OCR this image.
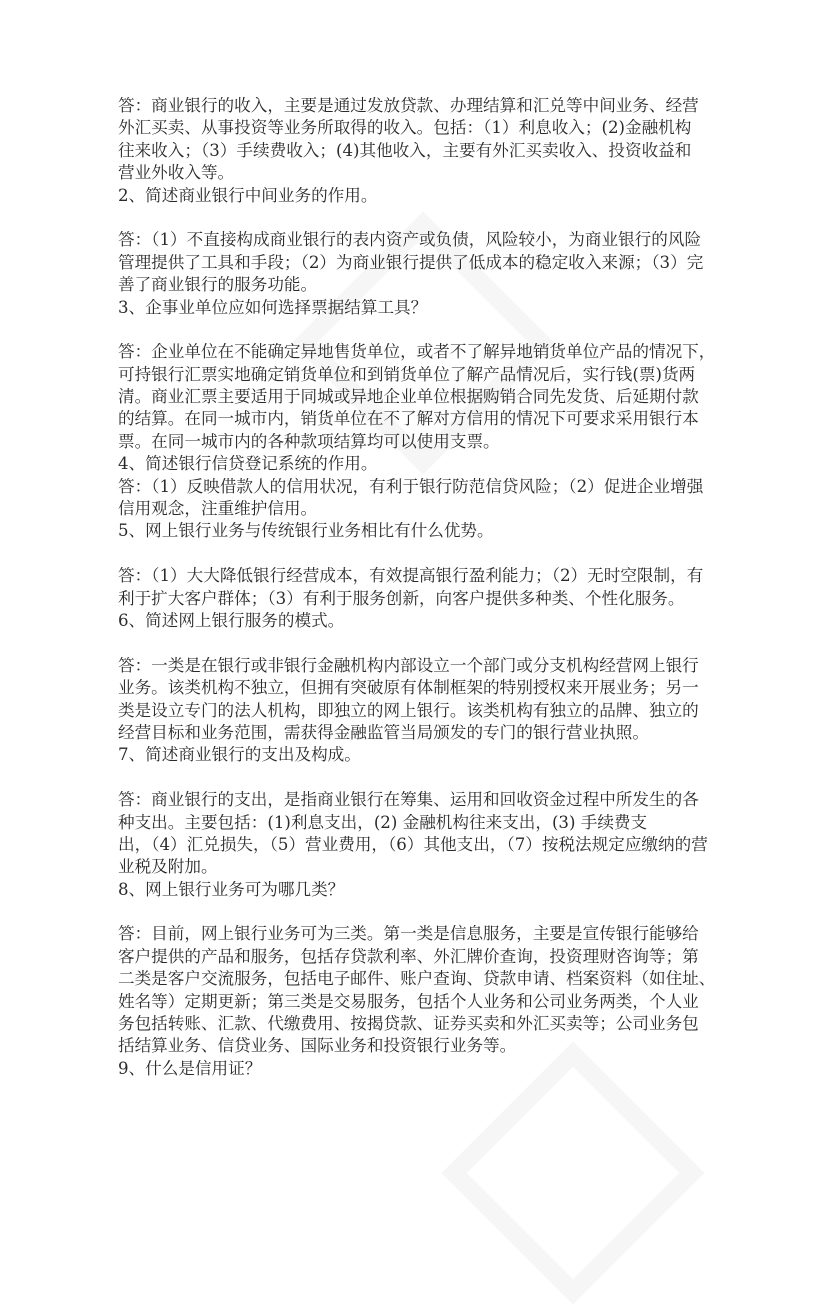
答：商业银行的收入，主要是通过发放贷款、办理结算和汇兑等中间业务、经营
外汇买卖、从事投资等业务所取得的收入。包括：（1）利息收入；(2)金融机构
往来收入；（3）手续费收入；(4)其他收入，主要有外汇买卖收入、投资收益和
营业外收入等。
2、简述商业银行中间业务的作用。
答：（1）不直接构成商业银行的表内资产或负债，风险较小，为商业银行的风险
管理提供了工具和手段；（2）为商业银行提供了低成本的稳定收入来源；（3）完
善了商业银行的服务功能。
3、企事业单位应如何选择票据结算工具？
答：企业单位在不能确定异地售货单位，或者不了解异地销货单位产品的情况下，
可持银行汇票实地确定销货单位和到销货单位了解产品情况后，实行钱(票)货两
清。商业汇票主要适用于同城或异地企业单位根据购销合同先发货、后延期付款
的结算。在同一城市内，销货单位在不了解对方信用的情况下可要求采用银行本
票。在同一城市内的各种款项结算均可以使用支票。
4、简述银行信贷登记系统的作用。
答：（1）反映借款人的信用状况，有利于银行防范信贷风险；（2）促进企业增强
信用观念，注重维护信用。
5、网上银行业务与传统银行业务相比有什么优势。
答：（1）大大降低银行经营成本，有效提高银行盈利能力；（2）无时空限制，有
利于扩大客户群体；（3）有利于服务创新，向客户提供多种类、个性化服务。
6、简述网上银行服务的模式。
答：一类是在银行或非银行金融机构内部设立一个部门或分支机构经营网上银行
业务。该类机构不独立，但拥有突破原有体制框架的特别授权来开展业务；另一
类是设立专门的法人机构，即独立的网上银行。该类机构有独立的品牌、独立的
经营目标和业务范围，需获得金融监管当局颁发的专门的银行营业执照。
7、简述商业银行的支出及构成。
答：商业银行的支出，是指商业银行在筹集、运用和回收资金过程中所发生的各
种支出。主要包括：(1)利息支出，(2) 金融机构往来支出，(3) 手续费支
出，（4）汇兑损失，（5）营业费用，（6）其他支出，（7）按税法规定应缴纳的营
业税及附加。
8、网上银行业务可为哪几类？
答：目前，网上银行业务可为三类。第一类是信息服务，主要是宣传银行能够给
客户提供的产品和服务，包括存贷款利率、外汇牌价查询，投资理财咨询等；第
二类是客户交流服务，包括电子邮件、账户查询、贷款申请、档案资料（如住址、
姓名等）定期更新；第三类是交易服务，包括个人业务和公司业务两类，个人业
务包括转账、汇款、代缴费用、按揭贷款、证券买卖和外汇买卖等；公司业务包
括结算业务、信贷业务、国际业务和投资银行业务等。
9、什么是信用证？
